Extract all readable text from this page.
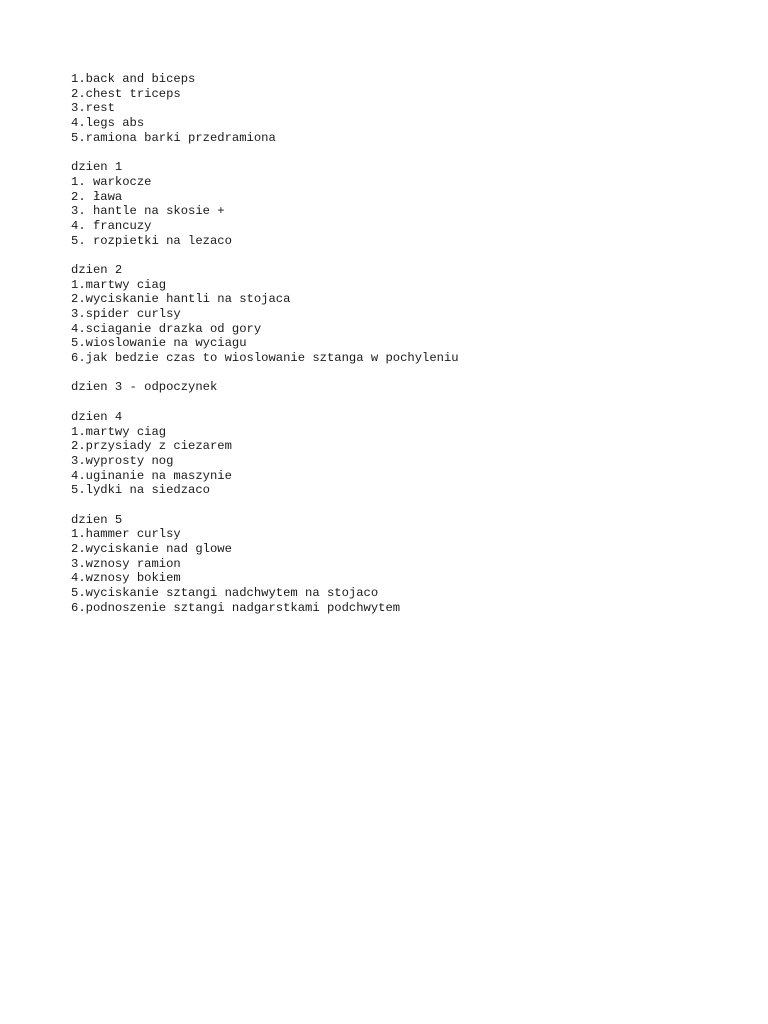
1.back and biceps
2.chest triceps
3.rest
4.legs abs
5.ramiona barki przedramiona
dzien 1
1. warkocze
2. ława
3. hantle na skosie +
4. francuzy
5. rozpietki na lezaco
dzien 2
1.martwy ciag
2.wyciskanie hantli na stojaca
3.spider curlsy
4.sciaganie drazka od gory
5.wioslowanie na wyciagu
6.jak bedzie czas to wioslowanie sztanga w pochyleniu
dzien 3 - odpoczynek
dzien 4
1.martwy ciag
2.przysiady z ciezarem
3.wyprosty nog
4.uginanie na maszynie
5.lydki na siedzaco
dzien 5
1.hammer curlsy
2.wyciskanie nad glowe
3.wznosy ramion
4.wznosy bokiem
5.wyciskanie sztangi nadchwytem na stojaco
6.podnoszenie sztangi nadgarstkami podchwytem
